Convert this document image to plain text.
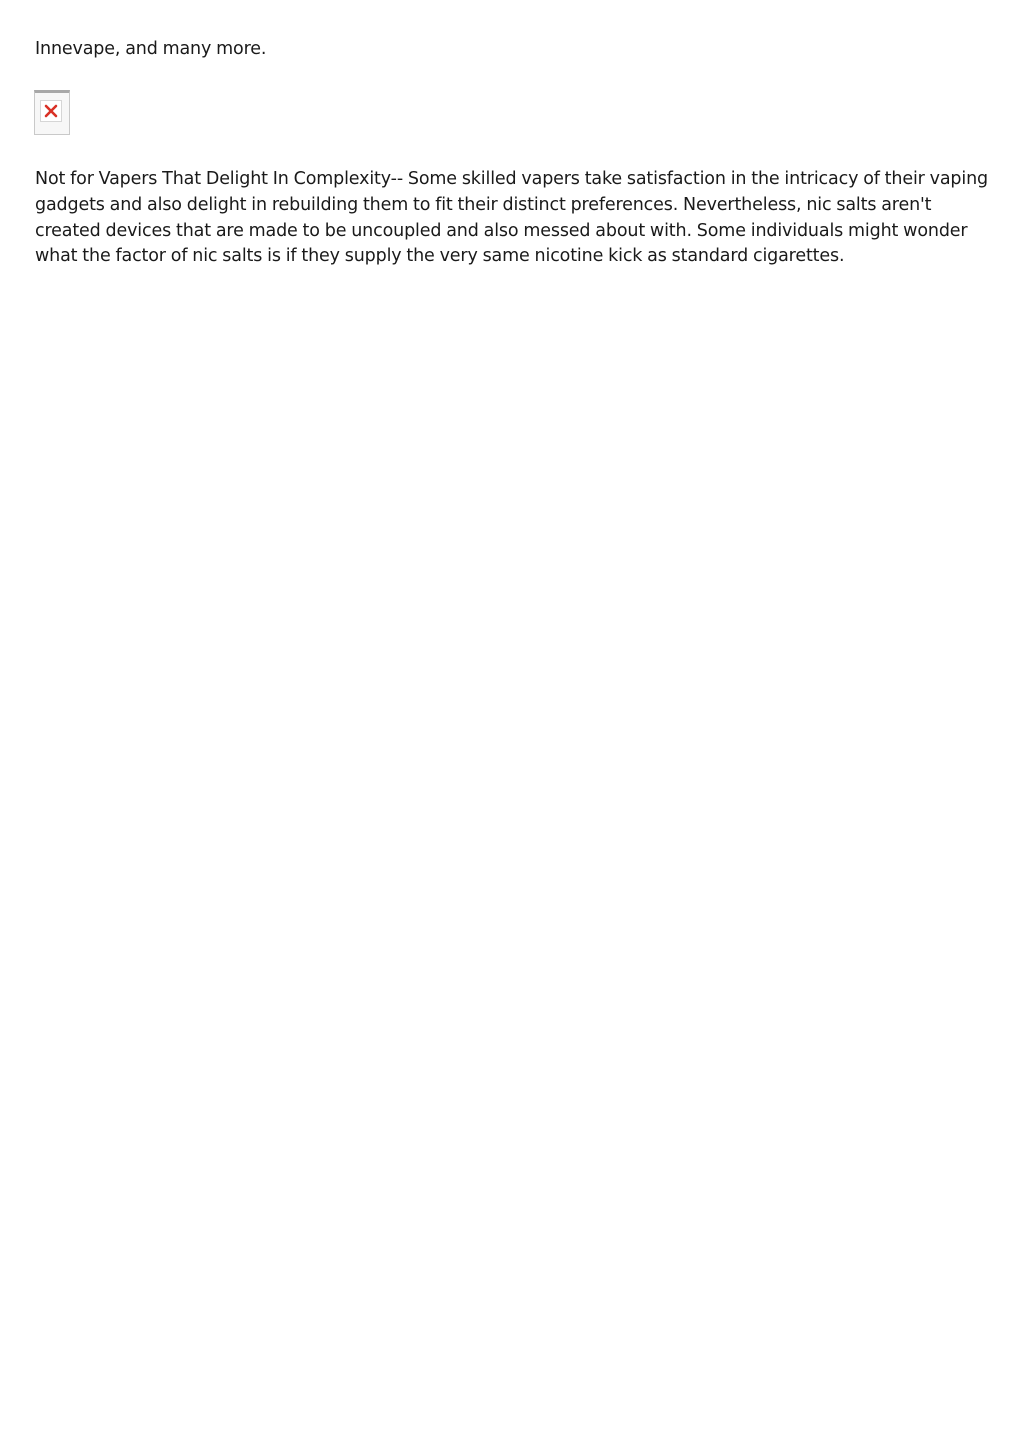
Innevape, and many more.

Not for Vapers That Delight In Complexity-- Some skilled vapers take satisfaction in the intricacy of their vaping gadgets and also delight in rebuilding them to fit their distinct preferences. Nevertheless, nic salts aren't created devices that are made to be uncoupled and also messed about with. Some individuals might wonder what the factor of nic salts is if they supply the very same nicotine kick as standard cigarettes.
